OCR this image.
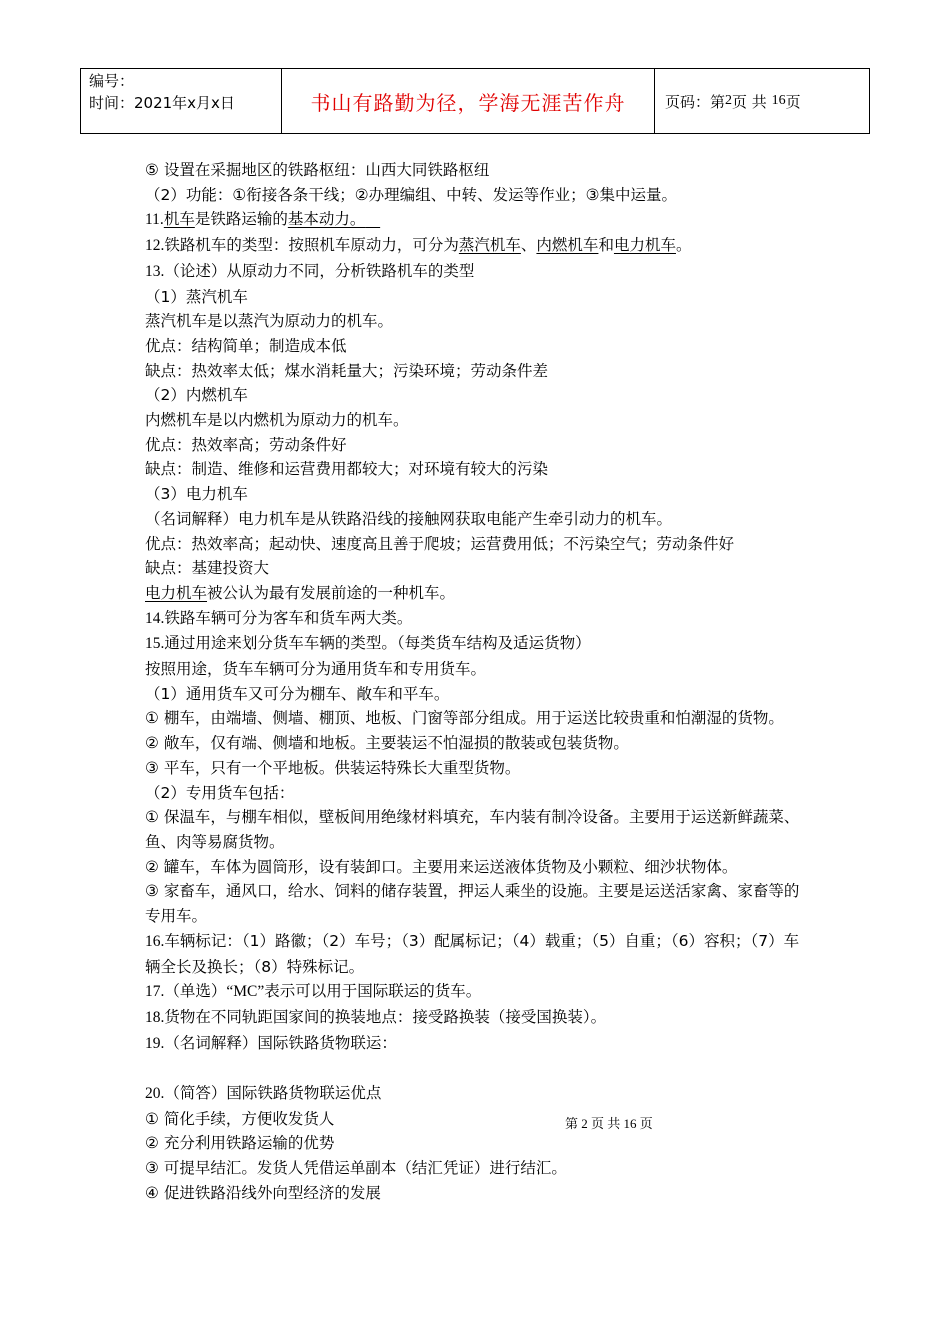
编号：
时间：2021年x月x日	书山有路勤为径，学海无涯苦作舟	页码：第 2 页 共
16 页

⑤ 设置在采掘地区的铁路枢纽：山西大同铁路枢纽

（2）功能：①衔接各条干线；②办理编组、中转、发运等作业；③集中运量。

11.机车是铁路运输的基本动力。

12.铁路机车的类型：按照机车原动力，可分为蒸汽机车、内燃机车和电力机车。

13.（论述）从原动力不同，分析铁路机车的类型

（1）蒸汽机车

蒸汽机车是以蒸汽为原动力的机车。

优点：结构简单；制造成本低

缺点：热效率太低；煤水消耗量大；污染环境；劳动条件差

（2）内燃机车

内燃机车是以内燃机为原动力的机车。

优点：热效率高；劳动条件好

缺点：制造、维修和运营费用都较大；对环境有较大的污染

（3）电力机车

（名词解释）电力机车是从铁路沿线的接触网获取电能产生牵引动力的机车。

优点：热效率高；起动快、速度高且善于爬坡；运营费用低；不污染空气；劳动条件好

缺点：基建投资大

电力机车被公认为最有发展前途的一种机车。

14.铁路车辆可分为客车和货车两大类。

15.通过用途来划分货车车辆的类型。（每类货车结构及适运货物）

按照用途，货车车辆可分为通用货车和专用货车。

（1）通用货车又可分为棚车、敞车和平车。

① 棚车，由端墙、侧墙、棚顶、地板、门窗等部分组成。用于运送比较贵重和怕潮湿的货物。

② 敞车，仅有端、侧墙和地板。主要装运不怕湿损的散装或包装货物。

③ 平车，只有一个平地板。供装运特殊长大重型货物。

（2）专用货车包括：

① 保温车，与棚车相似，壁板间用绝缘材料填充，车内装有制冷设备。主要用于运送新鲜蔬菜、鱼、肉等易腐货物。

② 罐车，车体为圆筒形，设有装卸口。主要用来运送液体货物及小颗粒、细沙状物体。

③ 家畜车，通风口，给水、饲料的储存装置，押运人乘坐的设施。主要是运送活家禽、家畜等的专用车。

16.车辆标记：（1）路徽；（2）车号；（3）配属标记；（4）载重；（5）自重；（6）容积；（7）车辆全长及换长；（8）特殊标记。

17.（单选）“MC”表示可以用于国际联运的货车。

18.货物在不同轨距国家间的换装地点：接受路换装（接受国换装）。

19.（名词解释）国际铁路货物联运：

20.（简答）国际铁路货物联运优点

① 简化手续，方便收发货人

② 充分利用铁路运输的优势

③ 可提早结汇。发货人凭借运单副本（结汇凭证）进行结汇。

④ 促进铁路沿线外向型经济的发展

第 2 页 共 16 页
